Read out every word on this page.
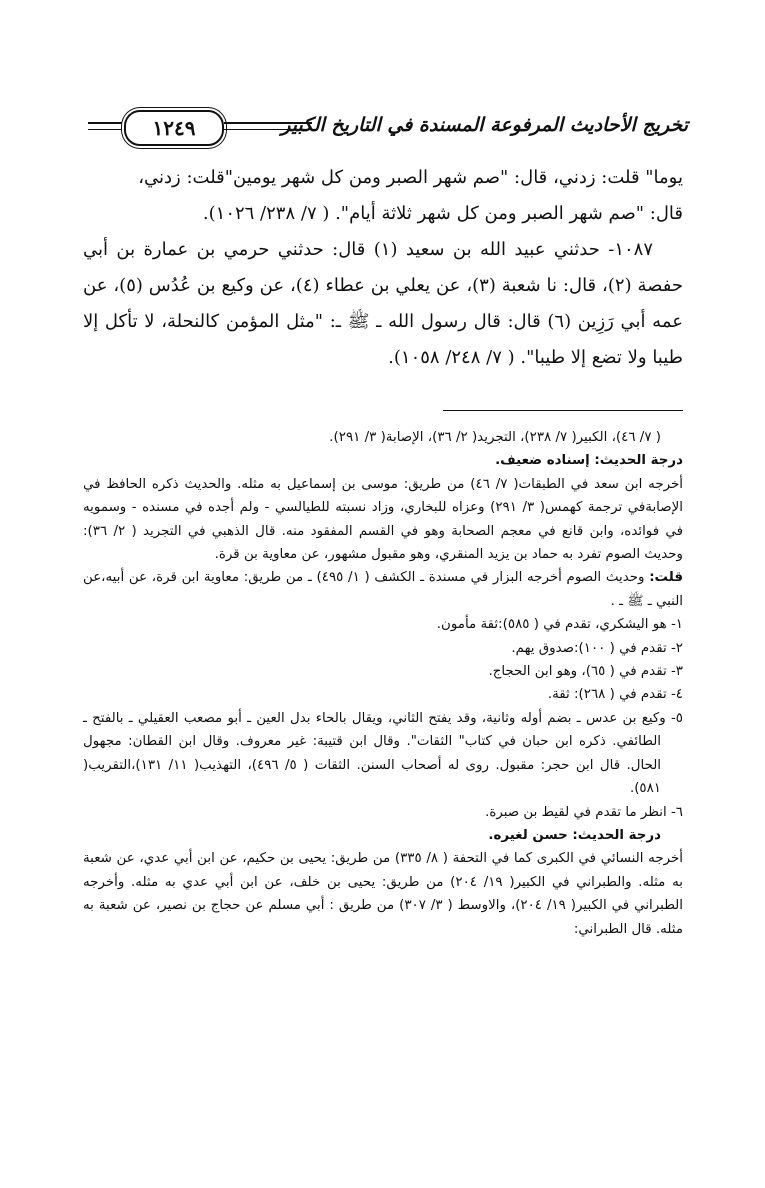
١٢٤٩	تخريج الأحاديث المرفوعة المسندة في التاريخ الكبير

يوما" قلت: زدني، قال: "صم شهر الصبر ومن كل شهر يومين"قلت: زدني،

قال: "صم شهر الصبر ومن كل شهر ثلاثة أيام". ( ٧/ ٢٣٨/ ١٠٢٦).

١٠٨٧- حدثني عبيد الله بن سعيد (١) قال: حدثني حرمي بن عمارة بن أبي حفصة (٢)، قال: نا شعبة (٣)، عن يعلي بن عطاء (٤)، عن وكيع بن عُدُس (٥)، عن عمه أبي رَزِين (٦) قال: قال رسول الله ـ ﷺ ـ: "مثل المؤمن كالنحلة، لا تأكل إلا طيبا ولا تضع إلا طيبا". ( ٧/ ٢٤٨/ ١٠٥٨).

( ٧/ ٤٦)، الكبير( ٧/ ٢٣٨)، التجريد( ٢/ ٣٦)، الإصابة( ٣/ ٢٩١).

درجة الحديث: إسناده ضعيف.

أخرجه ابن سعد في الطبقات( ٧/ ٤٦) من طريق: موسى بن إسماعيل به مثله. والحديث ذكره الحافظ في الإصابةفي ترجمة كهمس( ٣/ ٢٩١) وعزاه للبخاري، وزاد نسبته للطيالسي - ولم أجده في مسنده - وسمويه في فوائده، وابن قانع في معجم الصحابة وهو في القسم المفقود منه. قال الذهبي في التجريد ( ٢/ ٣٦): وحديث الصوم تفرد به حماد بن يزيد المنقري، وهو مقبول مشهور، عن معاوية بن قرة.

قلت: وحديث الصوم أخرجه البزار في مسندة ـ الكشف ( ١/ ٤٩٥) ـ من طريق: معاوية ابن قرة، عن أبيه،عن النبي ـ ﷺ ـ .

١- هو اليشكري، تقدم في ( ٥٨٥):ثقة مأمون.

٢- تقدم في ( ١٠٠):صدوق يهم.

٣- تقدم في ( ٦٥)، وهو ابن الحجاج.

٤- تقدم في ( ٢٦٨): ثقة.

٥- وكيع بن عدس ـ بضم أوله وثانية، وقد يفتح الثاني، ويقال بالحاء بدل العين ـ أبو مصعب العقيلي ـ بالفتح ـ الطائفي. ذكره ابن حبان في كتاب" الثقات". وقال ابن قتيبة: غير معروف. وقال ابن القطان: مجهول الحال. قال ابن حجر: مقبول. روى له أصحاب السنن. الثقات ( ٥/ ٤٩٦)، التهذيب( ١١/ ١٣١)،التقريب( ٥٨١).

٦- انظر ما تقدم في لقيط بن صبرة.

درجة الحديث: حسن لغيره.

أخرجه النسائي في الكبرى كما في التحفة ( ٨/ ٣٣٥) من طريق: يحيى بن حكيم، عن ابن أبي عدي، عن شعبة به مثله. والطبراني في الكبير( ١٩/ ٢٠٤) من طريق: يحيى بن خلف، عن ابن أبي عدي به مثله. وأخرجه الطبراني في الكبير( ١٩/ ٢٠٤)، والاوسط ( ٣/ ٣٠٧) من طريق : أبي مسلم عن حجاج بن نصير، عن شعبة به مثله. قال الطبراني:
